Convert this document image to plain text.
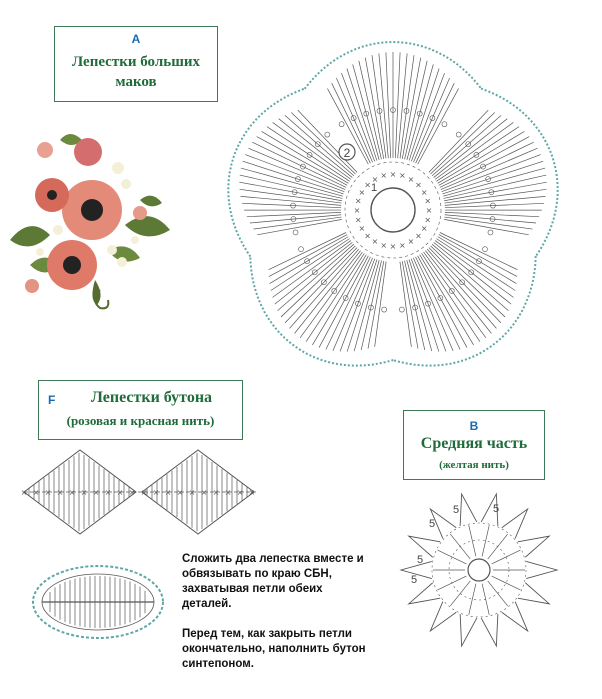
A
Лепестки больших
маков
F	Лепестки бутона
(розовая и красная нить)	B
Средняя часть
(желтая нить)
Сложить два лепестка вместе и обвязывать по краю СБН, захватывая петли обеих деталей.
Перед тем, как закрыть петли окончательно, наполнить бутон синтепоном.
×
×
×
×
×
×
×
×
×
×
×
×
×
×
×
×
× × × × ×
×
×
×
× × × × × × × × × × × × × × × × × × × ×
2
1
5
5
5
5
5
